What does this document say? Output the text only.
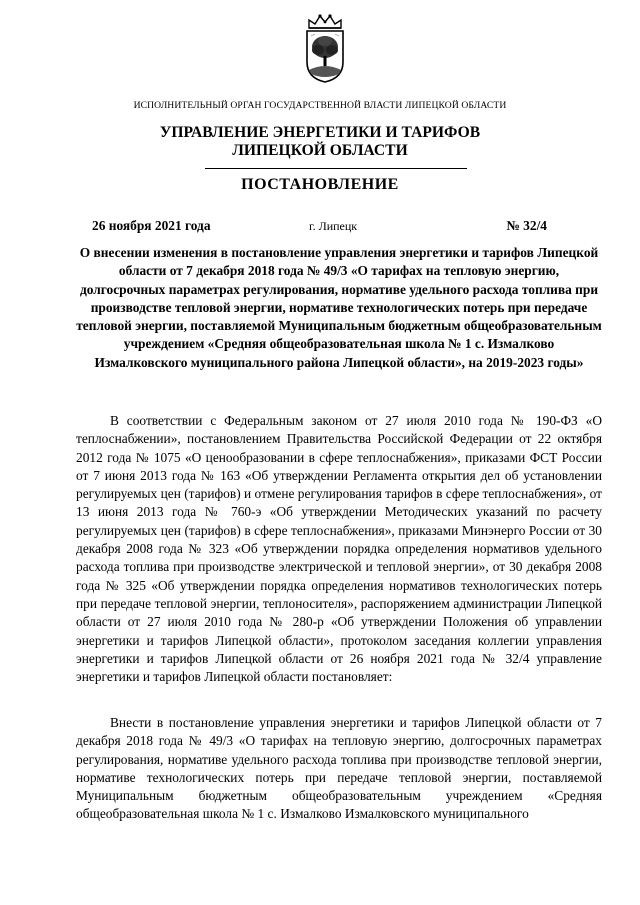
ИСПОЛНИТЕЛЬНЫЙ ОРГАН ГОСУДАРСТВЕННОЙ ВЛАСТИ ЛИПЕЦКОЙ ОБЛАСТИ
УПРАВЛЕНИЕ ЭНЕРГЕТИКИ И ТАРИФОВ
ЛИПЕЦКОЙ ОБЛАСТИ
ПОСТАНОВЛЕНИЕ
26 ноября 2021 года	г. Липецк	№ 32/4
О внесении изменения в постановление управления энергетики и тарифов Липецкой области от 7 декабря 2018 года № 49/3 «О тарифах на тепловую энергию, долгосрочных параметрах регулирования, нормативе удельного расхода топлива при производстве тепловой энергии, нормативе технологических потерь при передаче тепловой энергии, поставляемой Муниципальным бюджетным общеобразовательным учреждением «Средняя общеобразовательная школа № 1 с. Измалково Измалковского муниципального района Липецкой области», на 2019-2023 годы»

В соответствии с Федеральным законом от 27 июля 2010 года № 190-ФЗ «О теплоснабжении», постановлением Правительства Российской Федерации от 22 октября 2012 года № 1075 «О ценообразовании в сфере теплоснабжения», приказами ФСТ России от 7 июня 2013 года № 163 «Об утверждении Регламента открытия дел об установлении регулируемых цен (тарифов) и отмене регулирования тарифов в сфере теплоснабжения», от 13 июня 2013 года № 760-э «Об утверждении Методических указаний по расчету регулируемых цен (тарифов) в сфере теплоснабжения», приказами Минэнерго России от 30 декабря 2008 года № 323 «Об утверждении порядка определения нормативов удельного расхода топлива при производстве электрической и тепловой энергии», от 30 декабря 2008 года № 325 «Об утверждении порядка определения нормативов технологических потерь при передаче тепловой энергии, теплоносителя», распоряжением администрации Липецкой области от 27 июля 2010 года № 280-р «Об утверждении Положения об управлении энергетики и тарифов Липецкой области», протоколом заседания коллегии управления энергетики и тарифов Липецкой области от 26 ноября 2021 года № 32/4 управление энергетики и тарифов Липецкой области постановляет:

Внести в постановление управления энергетики и тарифов Липецкой области от 7 декабря 2018 года № 49/3 «О тарифах на тепловую энергию, долгосрочных параметрах регулирования, нормативе удельного расхода топлива при производстве тепловой энергии, нормативе технологических потерь при передаче тепловой энергии, поставляемой Муниципальным бюджетным общеобразовательным учреждением «Средняя общеобразовательная школа № 1 с. Измалково Измалковского муниципального
